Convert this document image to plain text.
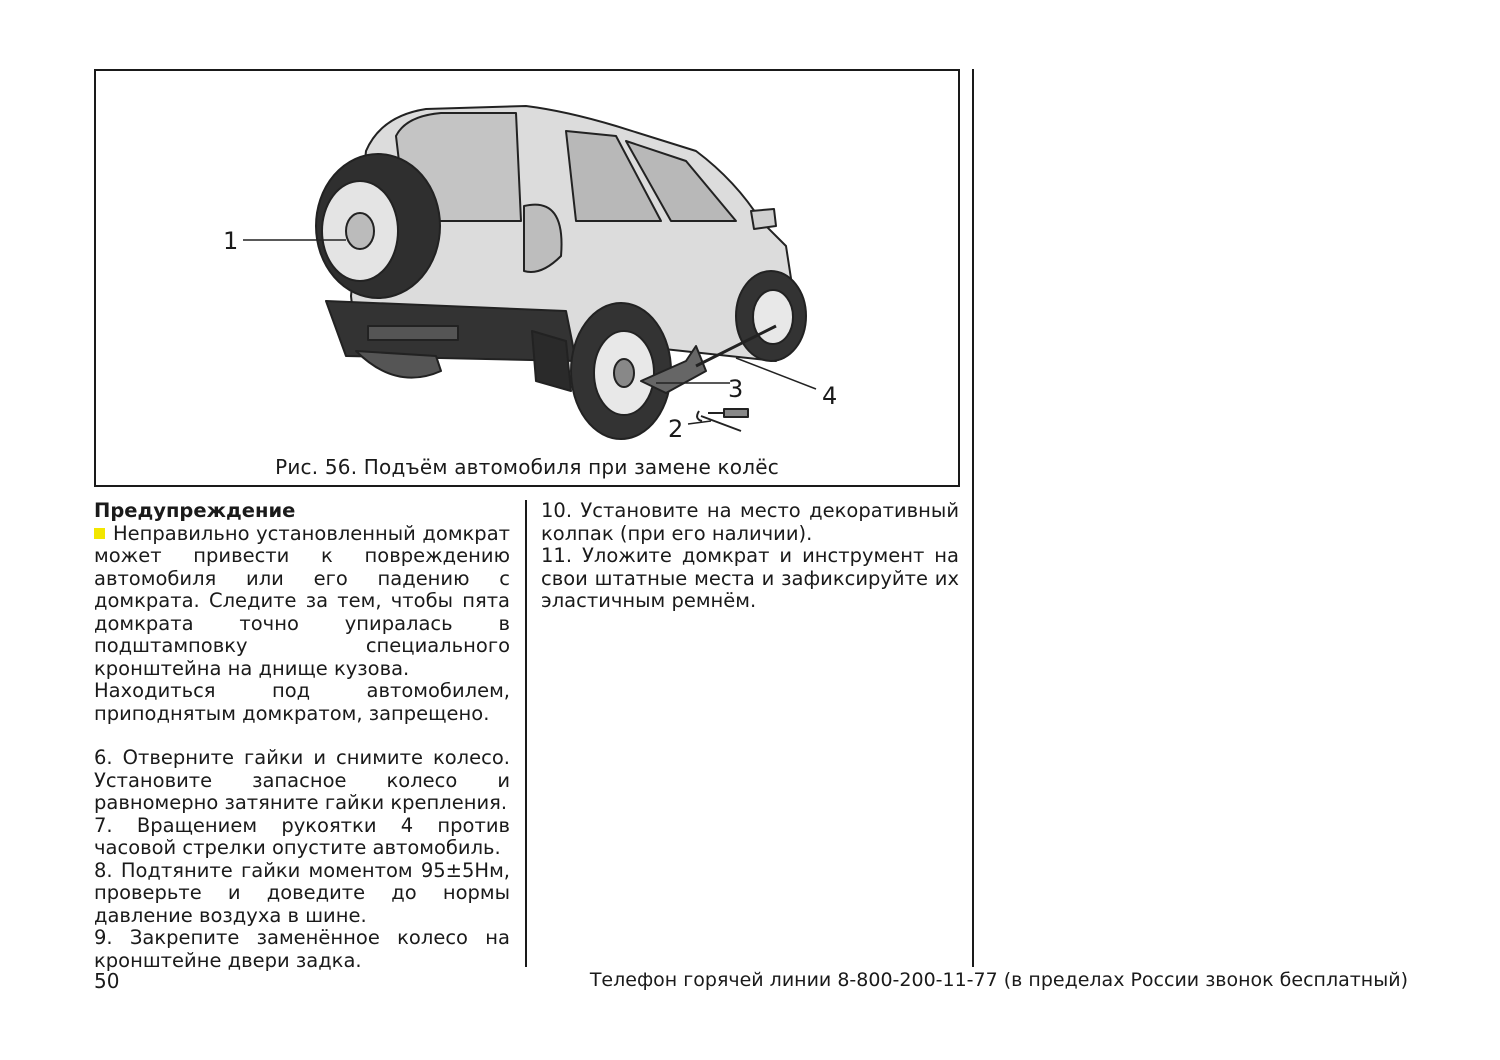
1
2
3	4
Рис. 56. Подъём автомобиля при замене колёс
Предупреждение
Неправильно установленный домкрат может привести к повреждению автомобиля или его падению с домкрата. Следите за тем, чтобы пята домкрата точно упиралась в подштамповку специального кронштейна на днище кузова.
Находиться под автомобилем, приподнятым домкратом, запрещено.
6. Отверните гайки и снимите колесо. Установите запасное колесо и равномерно затяните гайки крепления.
7. Вращением рукоятки 4 против часовой стрелки опустите автомобиль.
8. Подтяните гайки моментом 95±5Нм, проверьте и доведите до нормы давление воздуха в шине.
9. Закрепите заменённое колесо на кронштейне двери задка.
10. Установите на место декоративный колпак (при его наличии).
11. Уложите домкрат и инструмент на свои штатные места и зафиксируйте их эластичным ремнём.
50	Телефон горячей линии 8-800-200-11-77 (в пределах России звонок бесплатный)
